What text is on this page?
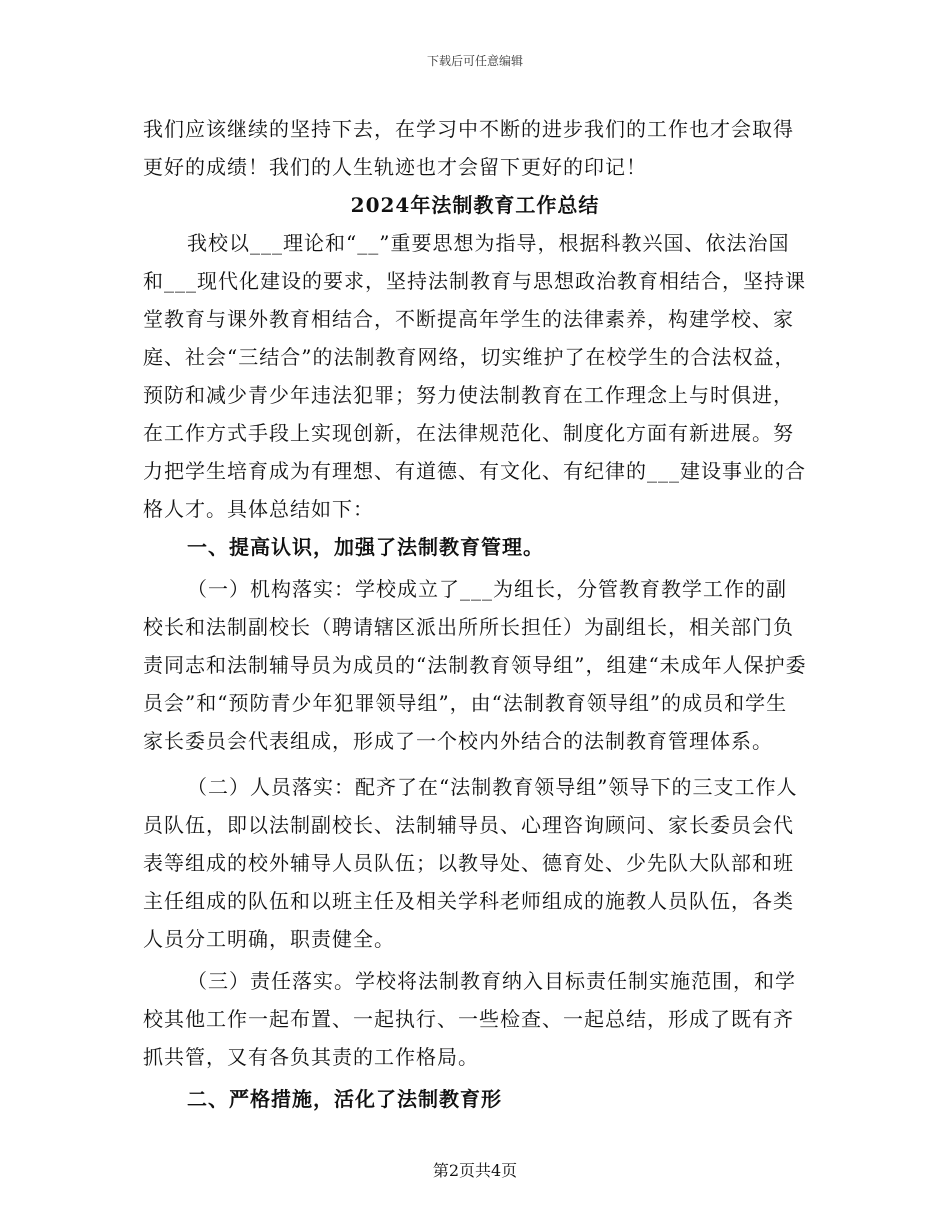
下载后可任意编辑

我们应该继续的坚持下去，在学习中不断的进步我们的工作也才会取得更好的成绩！我们的人生轨迹也才会留下更好的印记！

2024年法制教育工作总结

我校以___理论和“__”重要思想为指导，根据科教兴国、依法治国和___现代化建设的要求，坚持法制教育与思想政治教育相结合，坚持课堂教育与课外教育相结合，不断提高年学生的法律素养，构建学校、家庭、社会“三结合”的法制教育网络，切实维护了在校学生的合法权益，预防和减少青少年违法犯罪；努力使法制教育在工作理念上与时俱进，在工作方式手段上实现创新，在法律规范化、制度化方面有新进展。努力把学生培育成为有理想、有道德、有文化、有纪律的___建设事业的合格人才。具体总结如下：

一、提高认识，加强了法制教育管理。

（一）机构落实：学校成立了___为组长，分管教育教学工作的副校长和法制副校长（聘请辖区派出所所长担任）为副组长，相关部门负责同志和法制辅导员为成员的“法制教育领导组”，组建“未成年人保护委员会”和“预防青少年犯罪领导组”，由“法制教育领导组”的成员和学生家长委员会代表组成，形成了一个校内外结合的法制教育管理体系。

（二）人员落实：配齐了在“法制教育领导组”领导下的三支工作人员队伍，即以法制副校长、法制辅导员、心理咨询顾问、家长委员会代表等组成的校外辅导人员队伍；以教导处、德育处、少先队大队部和班主任组成的队伍和以班主任及相关学科老师组成的施教人员队伍，各类人员分工明确，职责健全。

（三）责任落实。学校将法制教育纳入目标责任制实施范围，和学校其他工作一起布置、一起执行、一些检查、一起总结，形成了既有齐抓共管，又有各负其责的工作格局。

二、严格措施，活化了法制教育形

第2页共4页
